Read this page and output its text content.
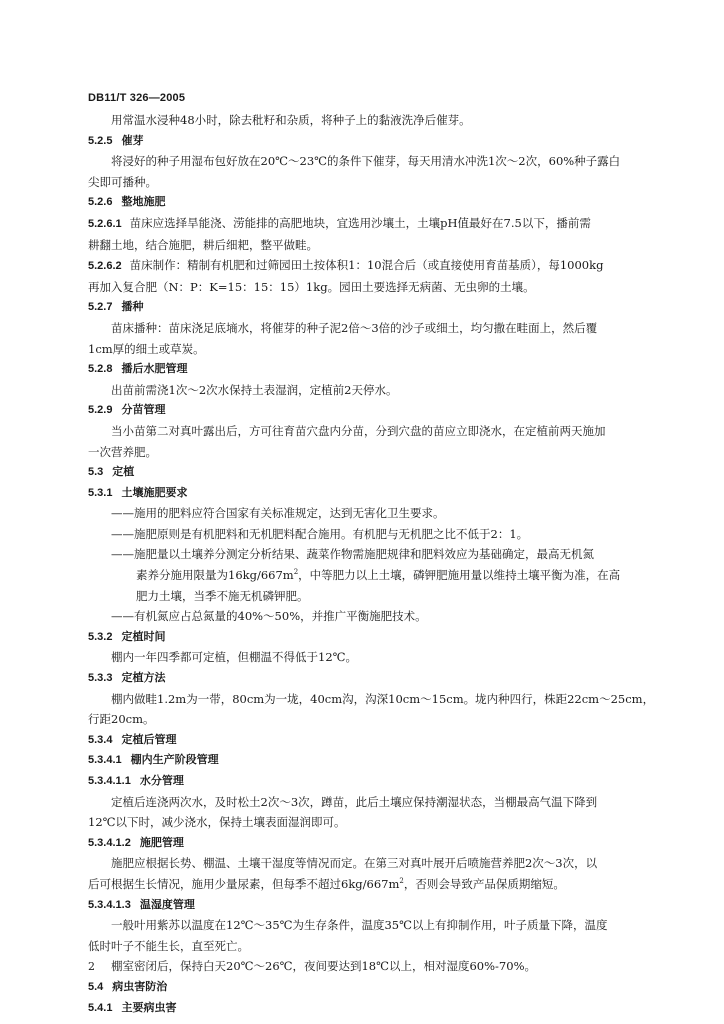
DB11/T 326—2005
用常温水浸种48小时，除去秕籽和杂质，将种子上的黏液洗净后催芽。
5.2.5 催芽
将浸好的种子用湿布包好放在20℃～23℃的条件下催芽，每天用清水冲洗1次～2次，60%种子露白
尖即可播种。
5.2.6 整地施肥
5.2.6.1 苗床应选择旱能浇、涝能排的高肥地块，宜选用沙壤土，土壤pH值最好在7.5以下，播前需
耕翻土地，结合施肥，耕后细耙，整平做畦。
5.2.6.2 苗床制作：精制有机肥和过筛园田土按体积1：10混合后（或直接使用育苗基质），每1000kg
再加入复合肥（N：P：K=15：15：15）1kg。园田土要选择无病菌、无虫卵的土壤。
5.2.7 播种
苗床播种：苗床浇足底墒水，将催芽的种子泥2倍～3倍的沙子或细土，均匀撒在畦面上，然后覆
1cm厚的细土或草炭。
5.2.8 播后水肥管理
出苗前需浇1次～2次水保持土表湿润，定植前2天停水。
5.2.9 分苗管理
当小苗第二对真叶露出后，方可往育苗穴盘内分苗，分到穴盘的苗应立即浇水，在定植前两天施加
一次营养肥。
5.3 定植
5.3.1 土壤施肥要求
——施用的肥料应符合国家有关标准规定，达到无害化卫生要求。
——施肥原则是有机肥料和无机肥料配合施用。有机肥与无机肥之比不低于2：1。
——施肥量以土壤养分测定分析结果、蔬菜作物需施肥规律和肥料效应为基础确定，最高无机氮
素养分施用限量为$16kg/667m^2$，中等肥力以上土壤，磷钾肥施用量以维持土壤平衡为准，在高
肥力土壤，当季不施无机磷钾肥。
——有机氮应占总氮量的40%～50%，并推广平衡施肥技术。
5.3.2 定植时间
棚内一年四季都可定植，但棚温不得低于12℃。
5.3.3 定植方法
棚内做畦1.2m为一带，80cm为一垅，40cm沟，沟深10cm～15cm。垅内种四行，株距22cm～25cm，
行距20cm。
5.3.4 定植后管理
5.3.4.1 棚内生产阶段管理
5.3.4.1.1 水分管理
定植后连浇两次水，及时松土2次～3次，蹲苗，此后土壤应保持潮湿状态，当棚最高气温下降到
12℃以下时，减少浇水，保持土壤表面湿润即可。
5.3.4.1.2 施肥管理
施肥应根据长势、棚温、土壤干湿度等情况而定。在第三对真叶展开后喷施营养肥2次～3次，以
后可根据生长情况，施用少量尿素，但每季不超过$6kg/667m^2$，否则会导致产品保质期缩短。
5.3.4.1.3 温湿度管理
一般叶用紫苏以温度在12℃～35℃为生存条件，温度35℃以上有抑制作用，叶子质量下降，温度
低时叶子不能生长，直至死亡。
棚室密闭后，保持白天20℃～26℃，夜间要达到18℃以上，相对湿度60%-70%。
5.4 病虫害防治
5.4.1 主要病虫害
2
